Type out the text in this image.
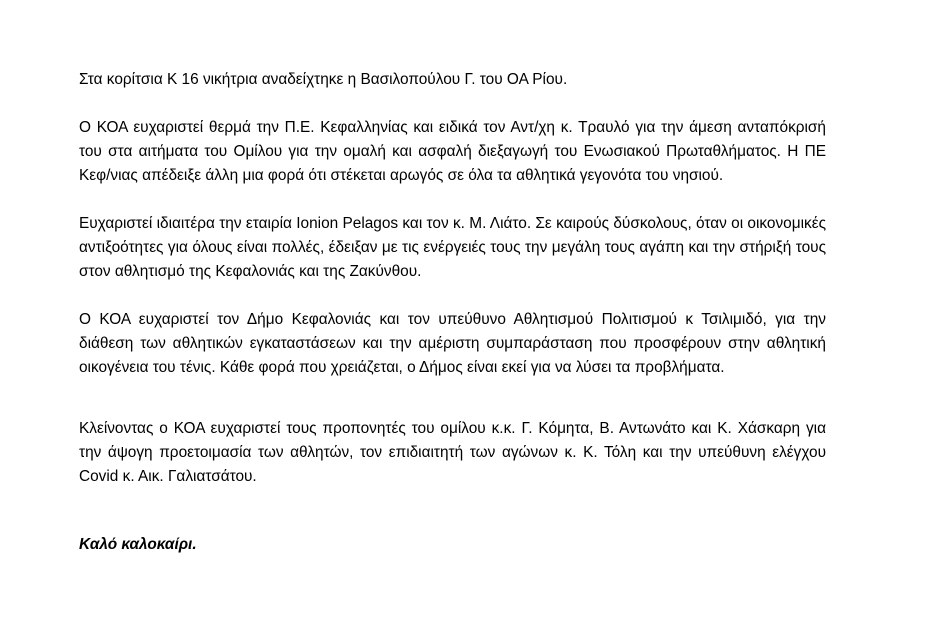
Στα κορίτσια Κ 16 νικήτρια αναδείχτηκε η Βασιλοπούλου Γ. του ΟΑ Ρίου.

Ο ΚΟΑ ευχαριστεί θερμά την Π.Ε. Κεφαλληνίας και ειδικά τον Αντ/χη κ. Τραυλό για την άμεση ανταπόκρισή του στα αιτήματα του Ομίλου για την ομαλή και ασφαλή διεξαγωγή του Ενωσιακού Πρωταθλήματος. Η ΠΕ Κεφ/νιας απέδειξε άλλη μια φορά ότι στέκεται αρωγός σε όλα τα αθλητικά γεγονότα του νησιού.

Ευχαριστεί ιδιαιτέρα την εταιρία Ionion Pelagos και τον κ. Μ. Λιάτο. Σε καιρούς δύσκολους, όταν οι οικονομικές αντιξοότητες για όλους είναι πολλές, έδειξαν με τις ενέργειές τους την μεγάλη τους αγάπη και την στήριξή τους στον αθλητισμό της Κεφαλονιάς και της Ζακύνθου.

Ο ΚΟΑ ευχαριστεί τον Δήμο Κεφαλονιάς και τον υπεύθυνο Αθλητισμού Πολιτισμού κ Τσιλιμιδό, για την διάθεση των αθλητικών εγκαταστάσεων και την αμέριστη συμπαράσταση που προσφέρουν στην αθλητική οικογένεια του τένις. Κάθε φορά που χρειάζεται, ο Δήμος είναι εκεί για να λύσει τα προβλήματα.

Κλείνοντας ο ΚΟΑ ευχαριστεί τους προπονητές του ομίλου κ.κ. Γ. Κόμητα, Β. Αντωνάτο και Κ. Χάσκαρη για την άψογη προετοιμασία των αθλητών, τον επιδιαιτητή των αγώνων κ. Κ. Τόλη και την υπεύθυνη ελέγχου Covid κ. Αικ. Γαλιατσάτου.

Καλό καλοκαίρι.
